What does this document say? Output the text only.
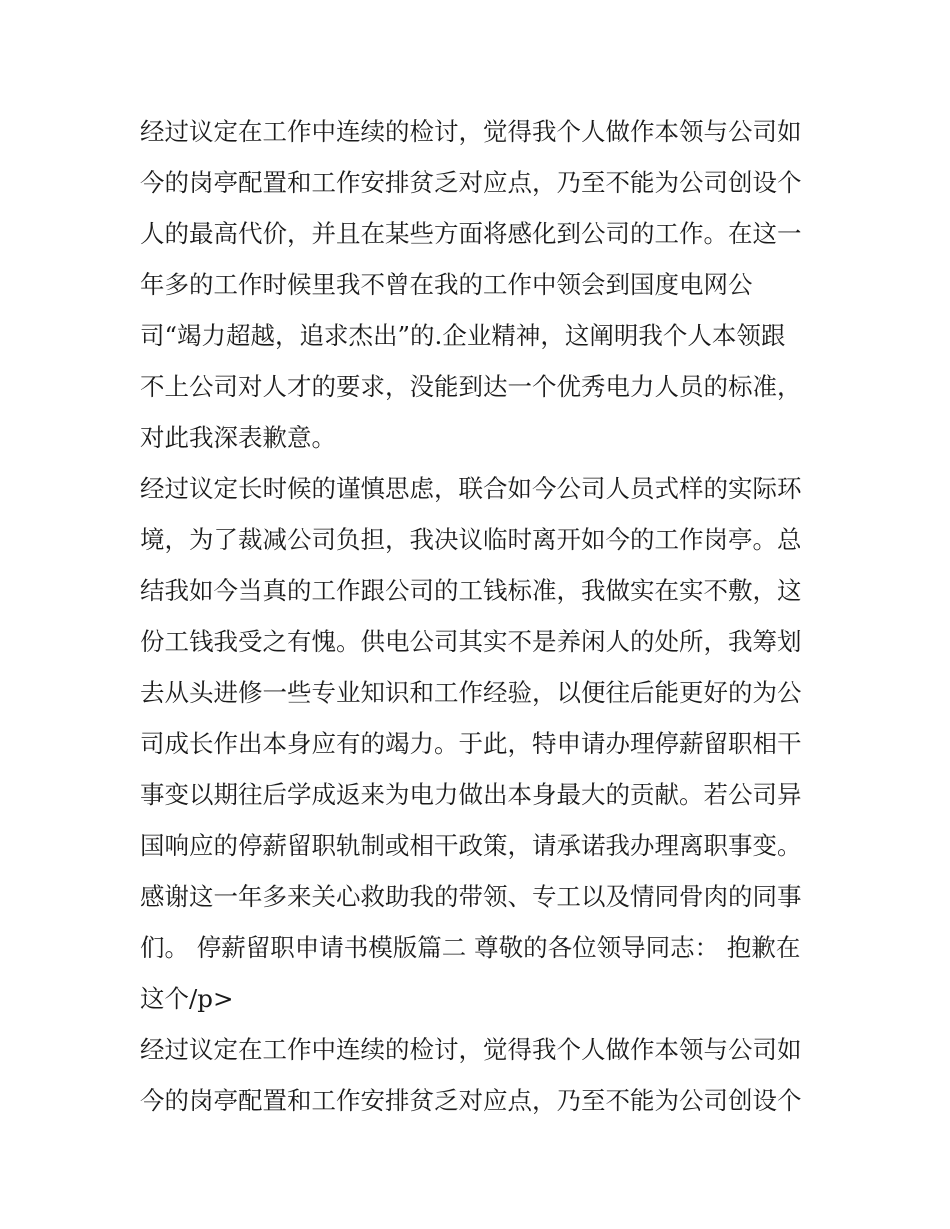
经过议定在工作中连续的检讨，觉得我个人做作本领与公司如
今的岗亭配置和工作安排贫乏对应点，乃至不能为公司创设个
人的最高代价，并且在某些方面将感化到公司的工作。在这一
年多的工作时候里我不曾在我的工作中领会到国度电网公
司“竭力超越，追求杰出”的.企业精神，这阐明我个人本领跟
不上公司对人才的要求，没能到达一个优秀电力人员的标准，
对此我深表歉意。
经过议定长时候的谨慎思虑，联合如今公司人员式样的实际环
境，为了裁减公司负担，我决议临时离开如今的工作岗亭。总
结我如今当真的工作跟公司的工钱标准，我做实在实不敷，这
份工钱我受之有愧。供电公司其实不是养闲人的处所，我筹划
去从头进修一些专业知识和工作经验，以便往后能更好的为公
司成长作出本身应有的竭力。于此，特申请办理停薪留职相干
事变以期往后学成返来为电力做出本身最大的贡献。若公司异
国响应的停薪留职轨制或相干政策，请承诺我办理离职事变。
感谢这一年多来关心救助我的带领、专工以及情同骨肉的同事
们。 停薪留职申请书模版篇二 尊敬的各位领导同志： 抱歉在
这个/p>
经过议定在工作中连续的检讨，觉得我个人做作本领与公司如
今的岗亭配置和工作安排贫乏对应点，乃至不能为公司创设个
